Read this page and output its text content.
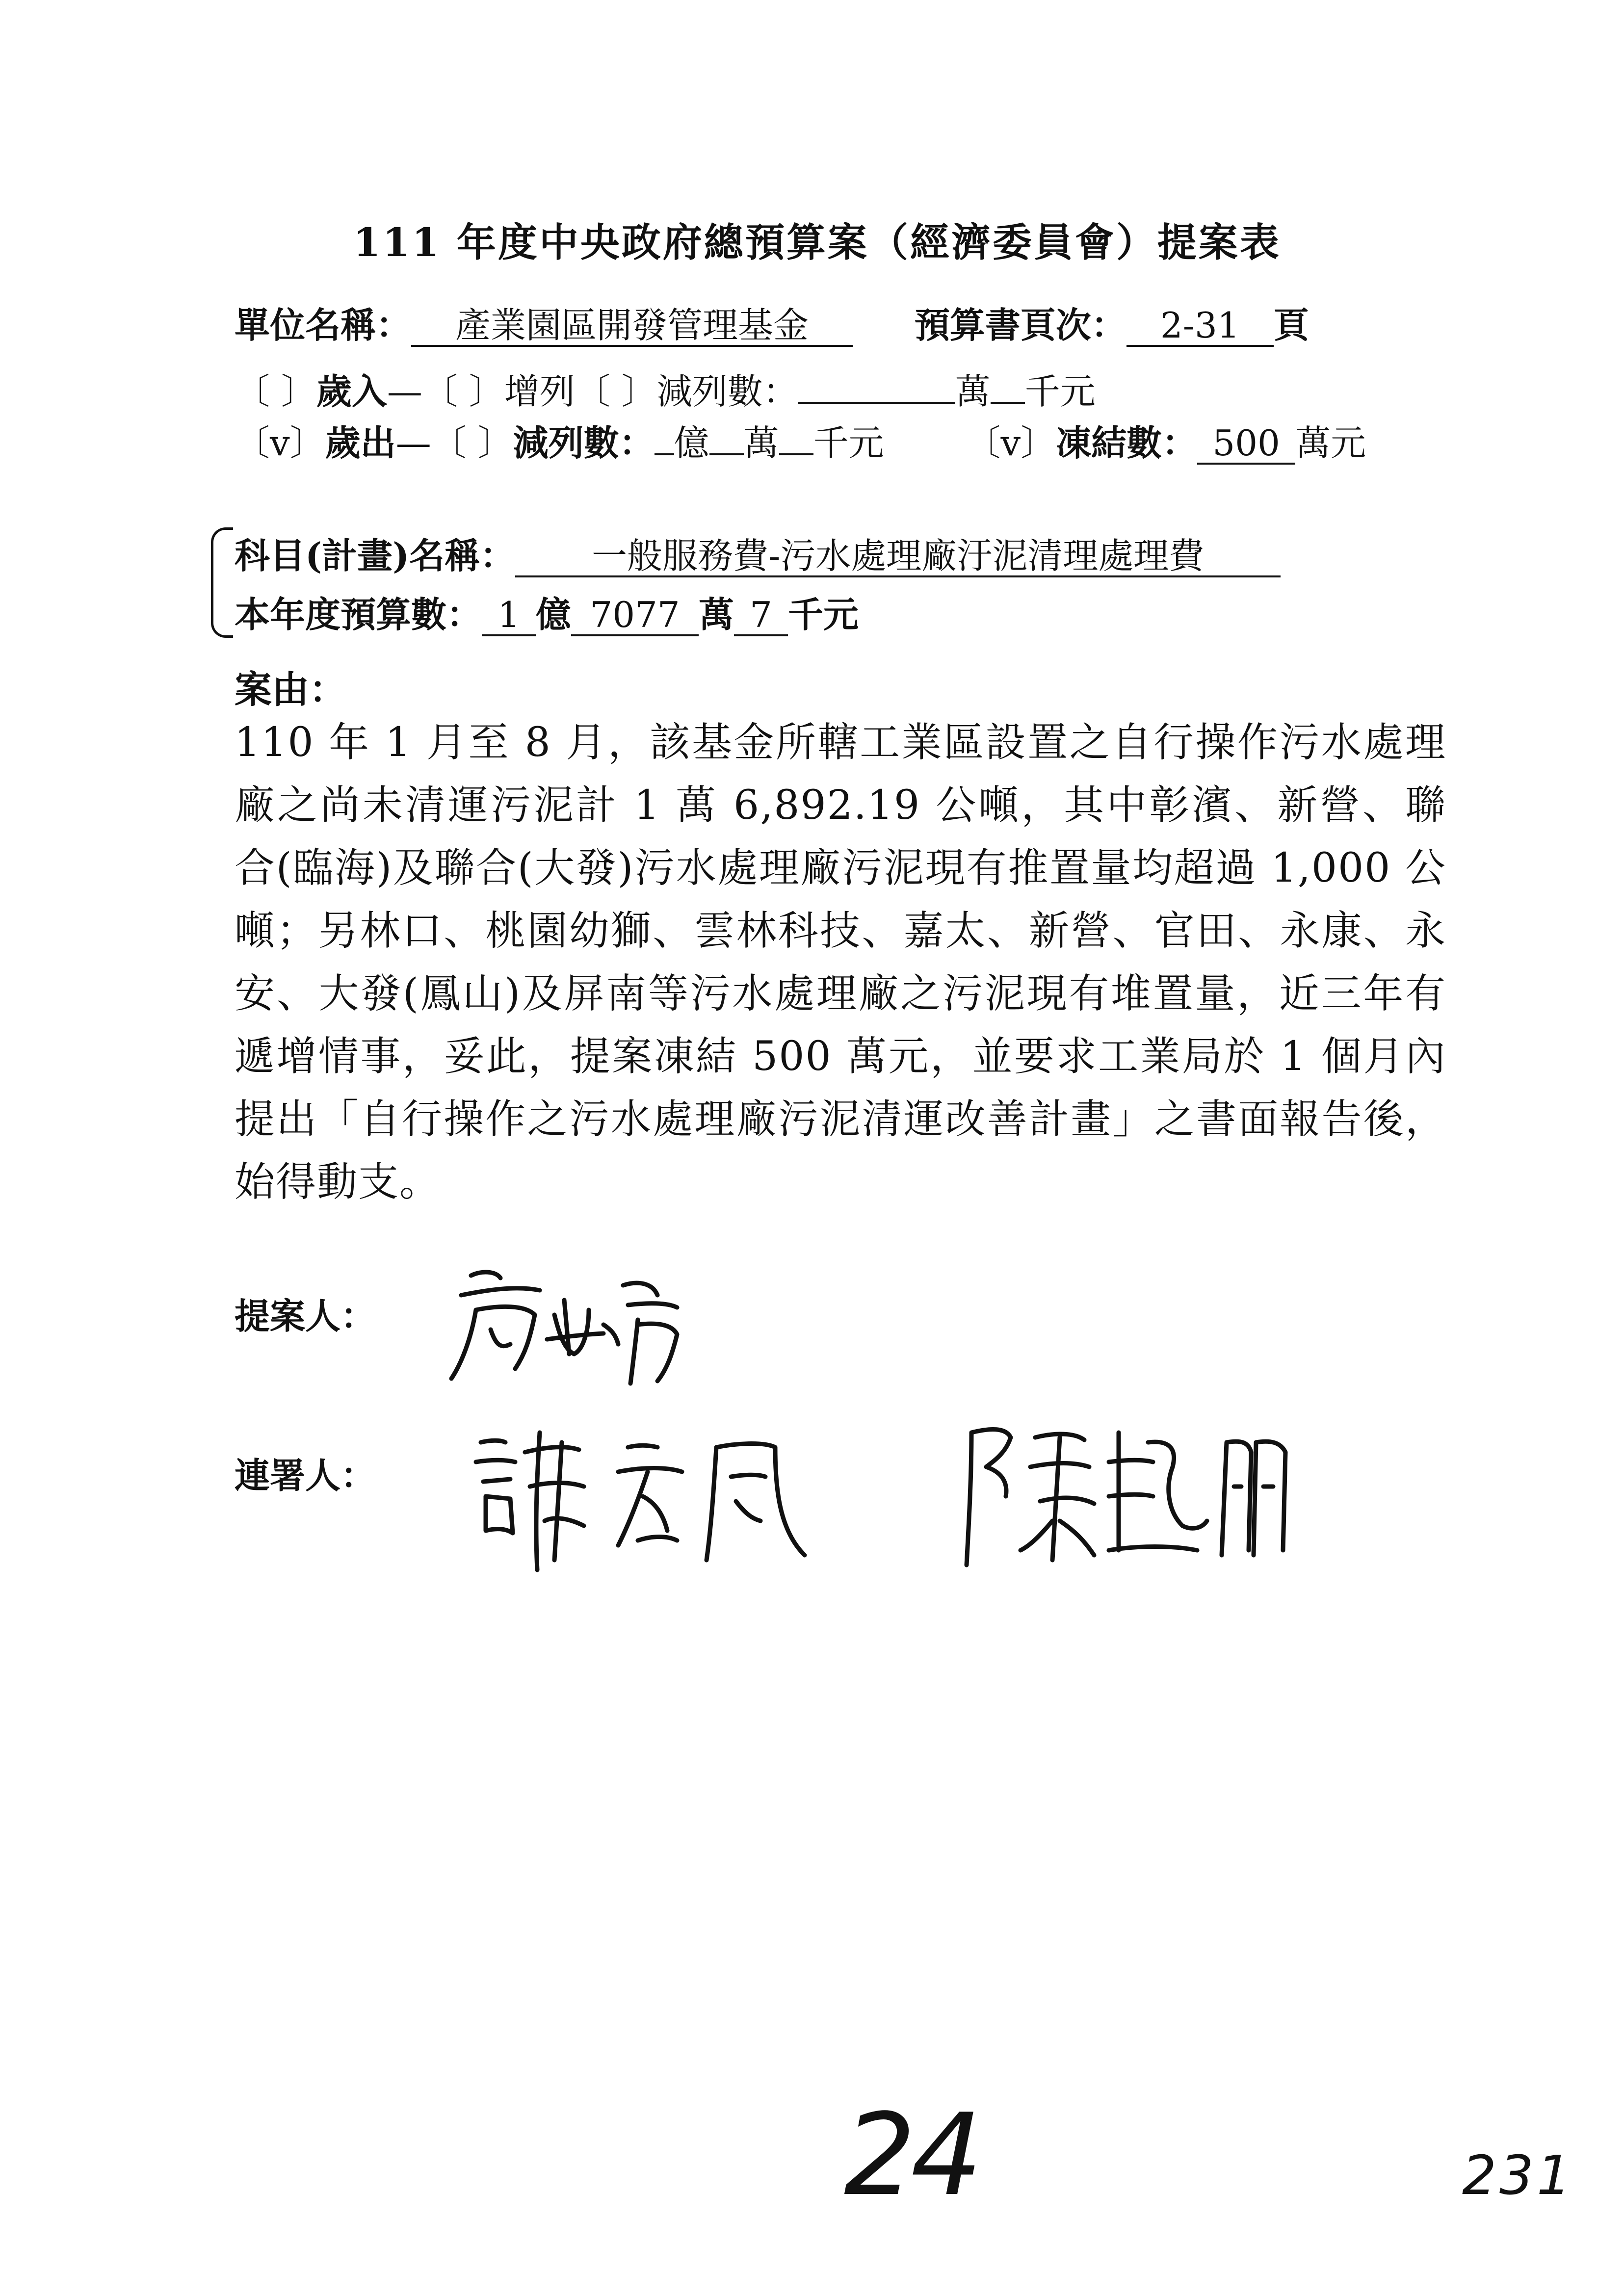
111 年度中央政府總預算案（經濟委員會）提案表
單位名稱： 產業園區開發管理基金	預算書頁次： 2-31 頁
〔 〕歲入—〔 〕增列〔 〕減列數：	萬 千元
〔v〕歲出—〔 〕減列數： 億 萬 千元 〔v〕凍結數： 500 萬元
科目(計畫)名稱： 一般服務費-污水處理廠汙泥清理處理費
本年度預算數： 1 億 7077 萬 7 千元
案由：
110 年 1 月至 8 月，該基金所轄工業區設置之自行操作污水處理廠之尚未清運污泥計 1 萬 6,892.19 公噸，其中彰濱、新營、聯合(臨海)及聯合(大發)污水處理廠污泥現有推置量均超過 1,000 公噸；另林口、桃園幼獅、雲林科技、嘉太、新營、官田、永康、永安、大發(鳳山)及屏南等污水處理廠之污泥現有堆置量，近三年有遞增情事，妥此，提案凍結 500 萬元，並要求工業局於 1 個月內提出「自行操作之污水處理廠污泥清運改善計畫」之書面報告後，始得動支。
提案人：
連署人：
24	231
